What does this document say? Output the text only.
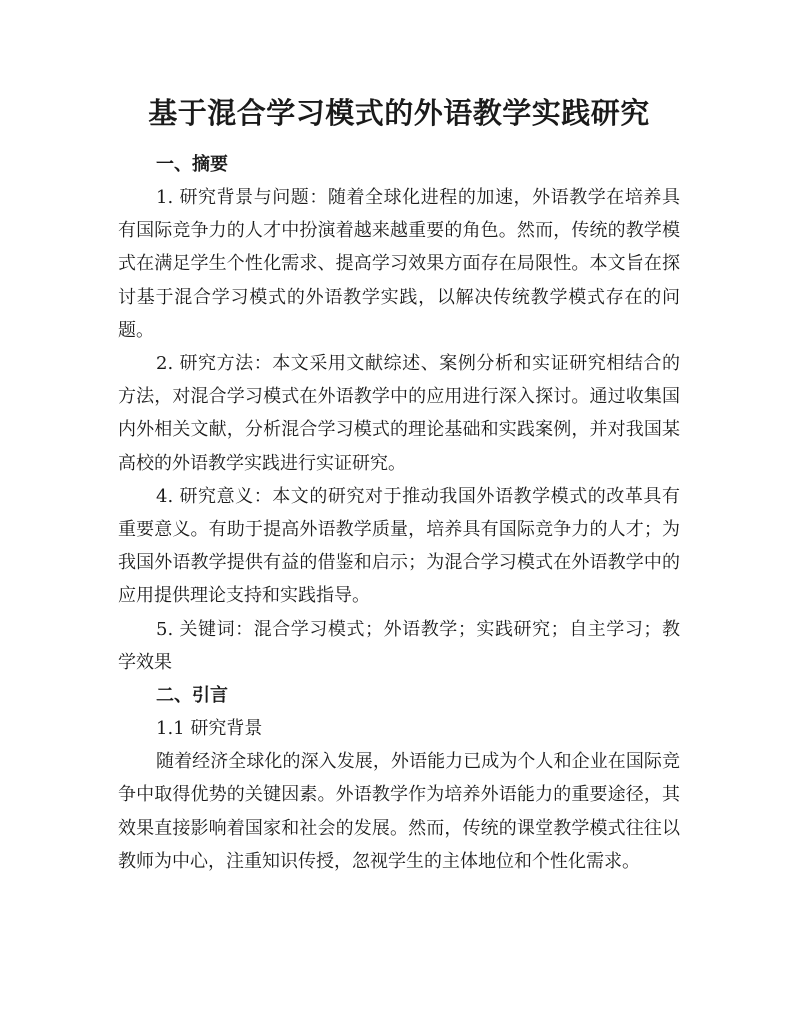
基于混合学习模式的外语教学实践研究
一、摘要

1. 研究背景与问题：随着全球化进程的加速，外语教学在培养具有国际竞争力的人才中扮演着越来越重要的角色。然而，传统的教学模式在满足学生个性化需求、提高学习效果方面存在局限性。本文旨在探讨基于混合学习模式的外语教学实践，以解决传统教学模式存在的问题。

2. 研究方法：本文采用文献综述、案例分析和实证研究相结合的方法，对混合学习模式在外语教学中的应用进行深入探讨。通过收集国内外相关文献，分析混合学习模式的理论基础和实践案例，并对我国某高校的外语教学实践进行实证研究。

4. 研究意义：本文的研究对于推动我国外语教学模式的改革具有重要意义。有助于提高外语教学质量，培养具有国际竞争力的人才；为我国外语教学提供有益的借鉴和启示；为混合学习模式在外语教学中的应用提供理论支持和实践指导。

5. 关键词：混合学习模式；外语教学；实践研究；自主学习；教学效果

二、引言

1.1 研究背景

随着经济全球化的深入发展，外语能力已成为个人和企业在国际竞争中取得优势的关键因素。外语教学作为培养外语能力的重要途径，其效果直接影响着国家和社会的发展。然而，传统的课堂教学模式往往以教师为中心，注重知识传授，忽视学生的主体地位和个性化需求。
